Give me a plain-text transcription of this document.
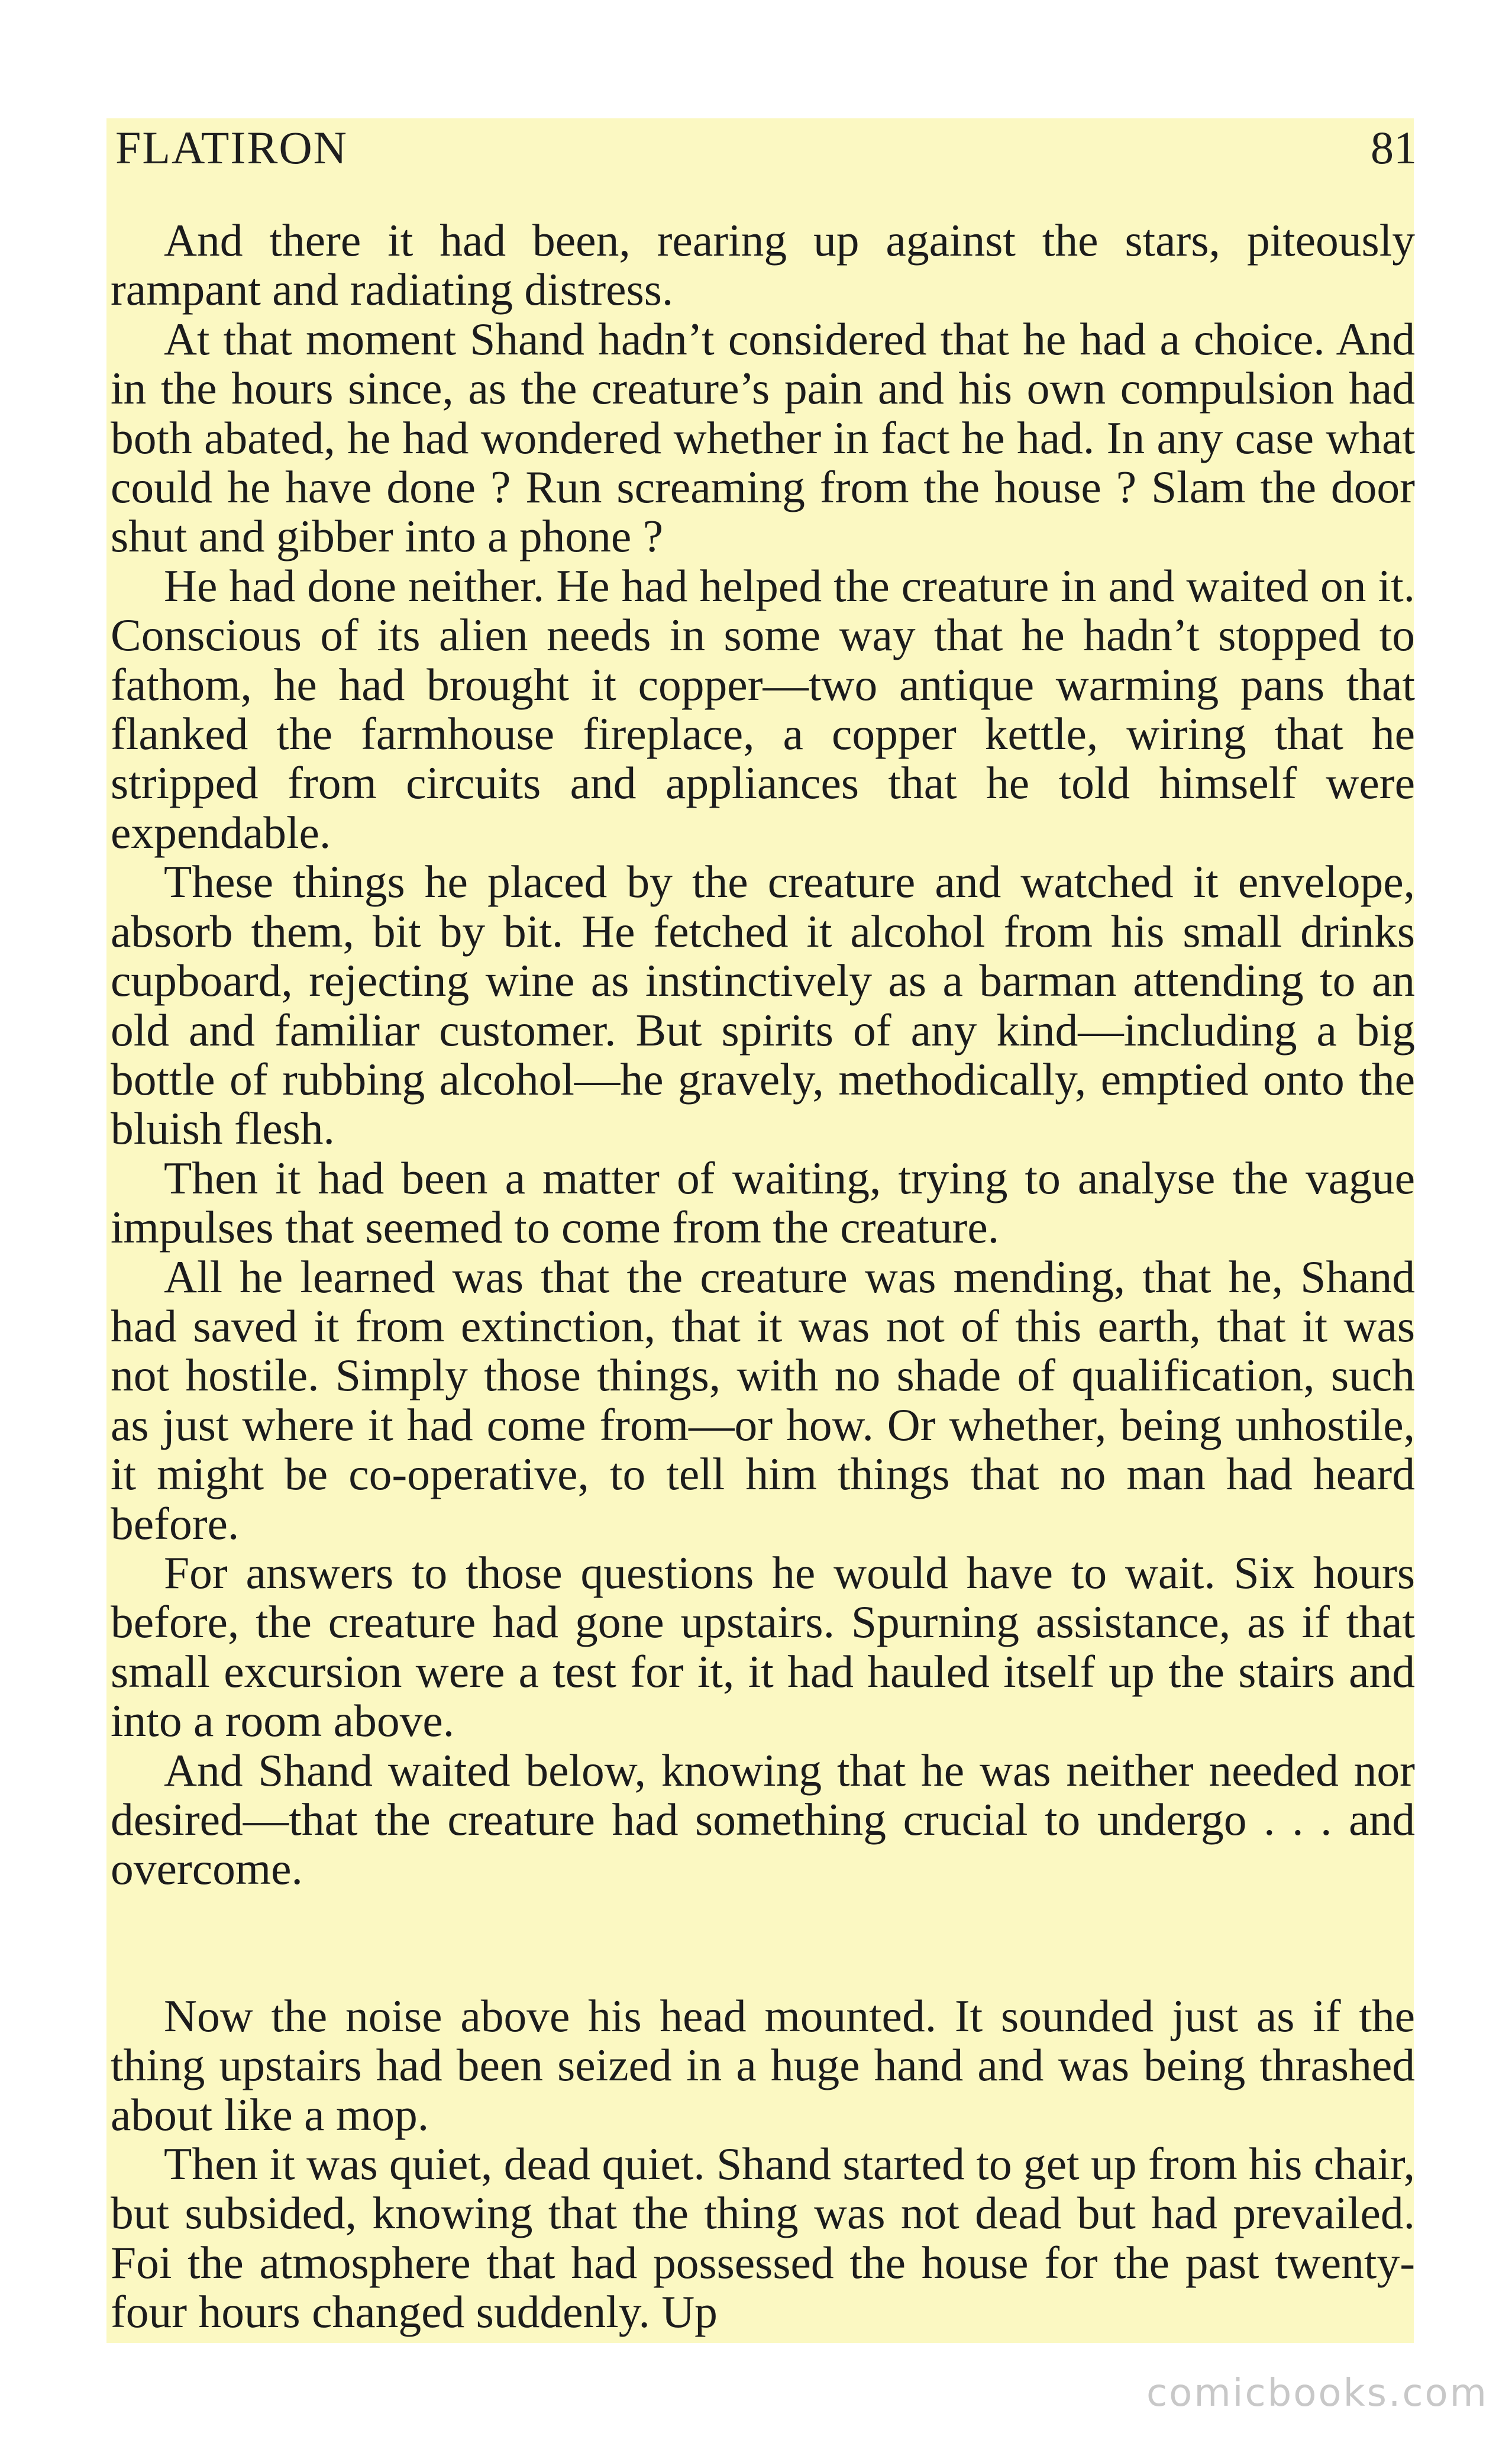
FLATIRON	81

And there it had been, rearing up against the stars, piteously rampant and radiating distress.

At that moment Shand hadn’t considered that he had a choice. And in the hours since, as the creature’s pain and his own compulsion had both abated, he had wondered whether in fact he had. In any case what could he have done ? Run screaming from the house ? Slam the door shut and gibber into a phone ?

He had done neither. He had helped the creature in and waited on it. Conscious of its alien needs in some way that he hadn’t stopped to fathom, he had brought it copper—two antique warming pans that flanked the farmhouse fireplace, a copper kettle, wiring that he stripped from circuits and appliances that he told himself were expendable.

These things he placed by the creature and watched it envelope, absorb them, bit by bit. He fetched it alcohol from his small drinks cupboard, rejecting wine as instinctively as a barman attending to an old and familiar customer. But spirits of any kind—including a big bottle of rubbing alcohol—he gravely, methodically, emptied onto the bluish flesh.

Then it had been a matter of waiting, trying to analyse the vague impulses that seemed to come from the creature.

All he learned was that the creature was mending, that he, Shand had saved it from extinction, that it was not of this earth, that it was not hostile. Simply those things, with no shade of qualification, such as just where it had come from—or how. Or whether, being unhostile, it might be co-operative, to tell him things that no man had heard before.

For answers to those questions he would have to wait. Six hours before, the creature had gone upstairs. Spurning assistance, as if that small excursion were a test for it, it had hauled itself up the stairs and into a room above.

And Shand waited below, knowing that he was neither needed nor desired—that the creature had something crucial to undergo . . . and overcome.

Now the noise above his head mounted. It sounded just as if the thing upstairs had been seized in a huge hand and was being thrashed about like a mop.

Then it was quiet, dead quiet. Shand started to get up from his chair, but subsided, knowing that the thing was not dead but had prevailed. Foi the atmosphere that had possessed the house for the past twenty-four hours changed suddenly. Up

comicbooks.com
